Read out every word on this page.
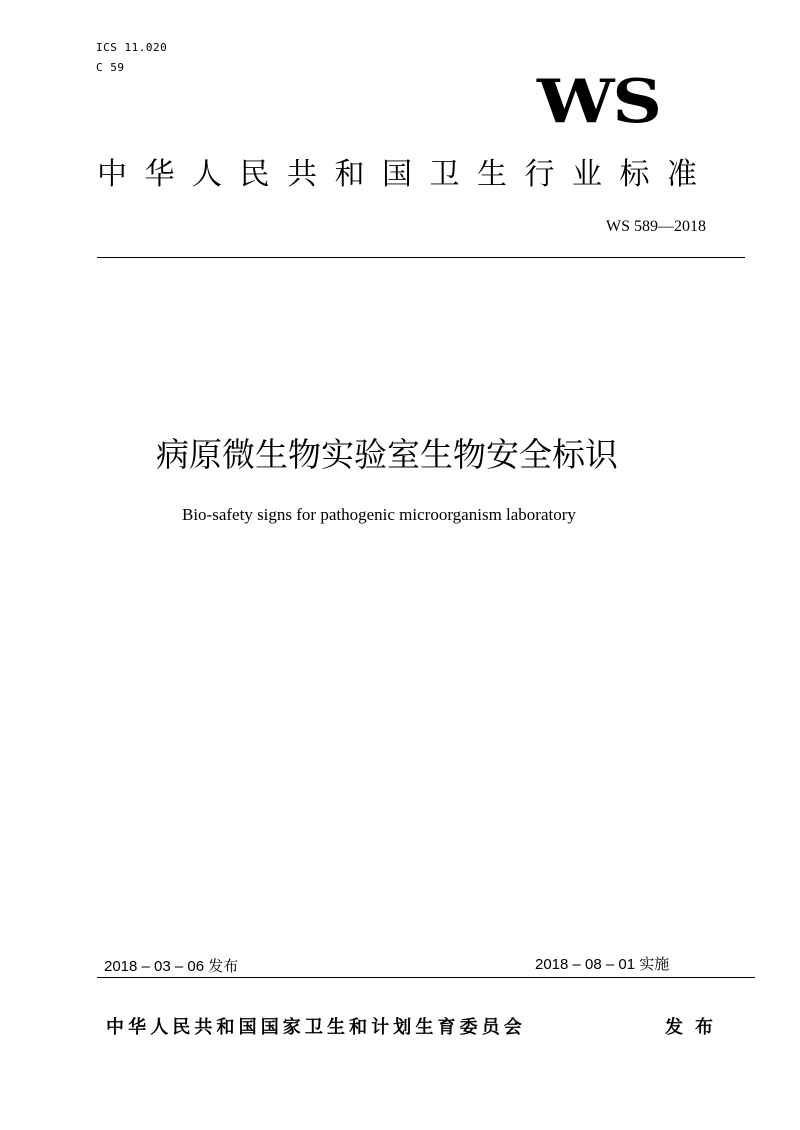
ICS 11.020
C 59	WS
中华人民共和国卫生行业标准
WS 589—2018
病原微生物实验室生物安全标识
Bio-safety signs for pathogenic microorganism laboratory
2018 – 03 – 06 发布	2018 – 08 – 01 实施
中华人民共和国国家卫生和计划生育委员会	发布
